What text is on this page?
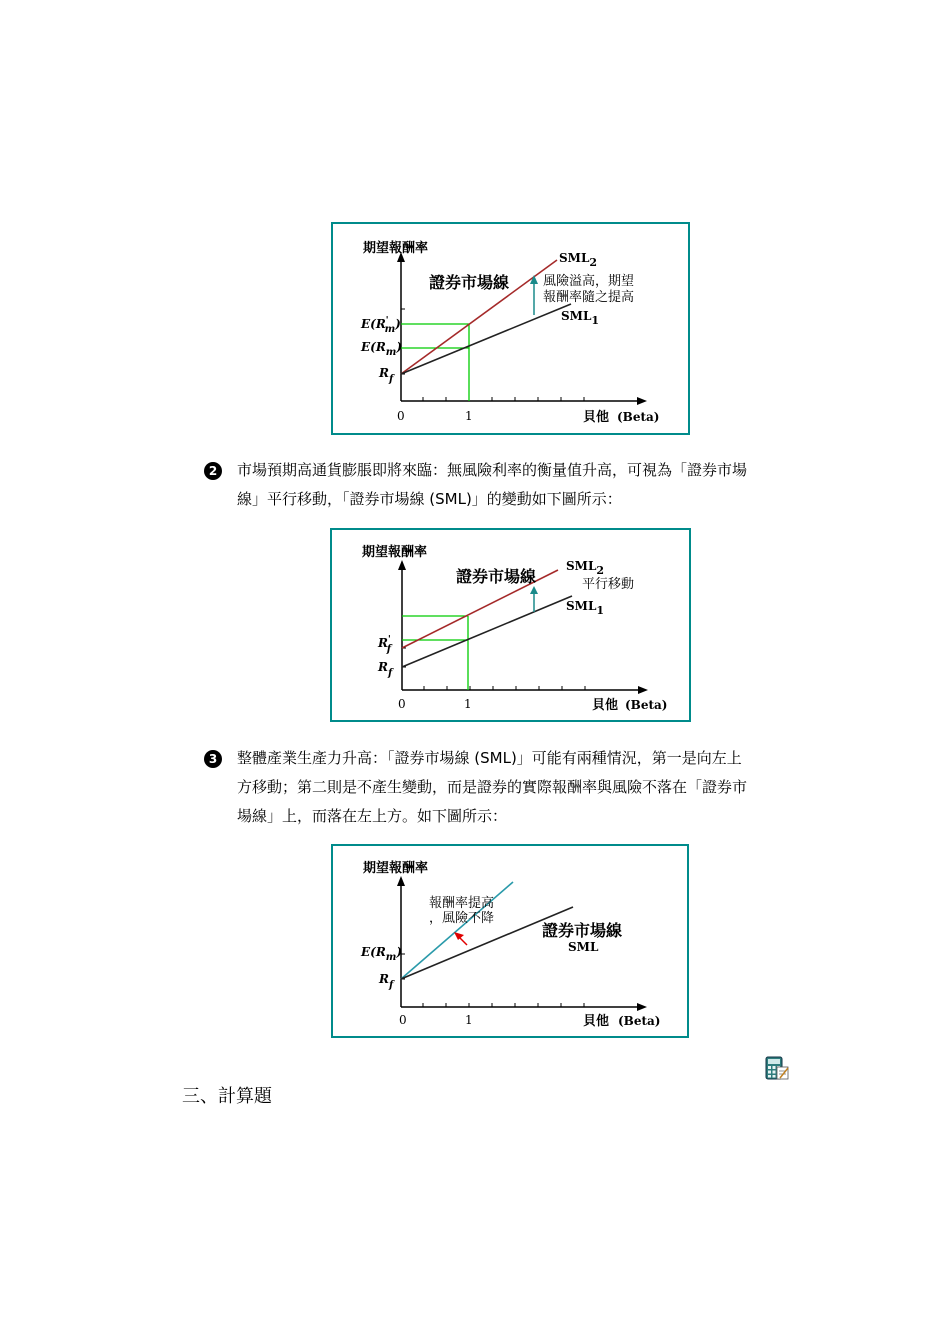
期望報酬率
證券市場線
SML2
SML1
風險溢高，期望
報酬率隨之提高
0	1	貝他 (Beta)
E(R' m)
$E(R_m)$
$R_f$
2	市場預期高通貨膨脹即將來臨：無風險利率的衡量值升高，可視為「證券市場
線」平行移動，「證券市場線 (SML)」的變動如下圖所示：
期望報酬率
證券市場線
SML2
平行移動
SML1
0	1	貝他 (Beta)
R' f
$R_f$
3	整體產業生產力升高：「證券市場線 (SML)」可能有兩種情況，第一是向左上
方移動；第二則是不產生變動，而是證券的實際報酬率與風險不落在「證券市
場線」上，而落在左上方。如下圖所示：
期望報酬率
報酬率提高
，風險不降
證券市場線
SML
0	1	貝他 (Beta)
$E(R_m)$
$R_f$
三、計算題
